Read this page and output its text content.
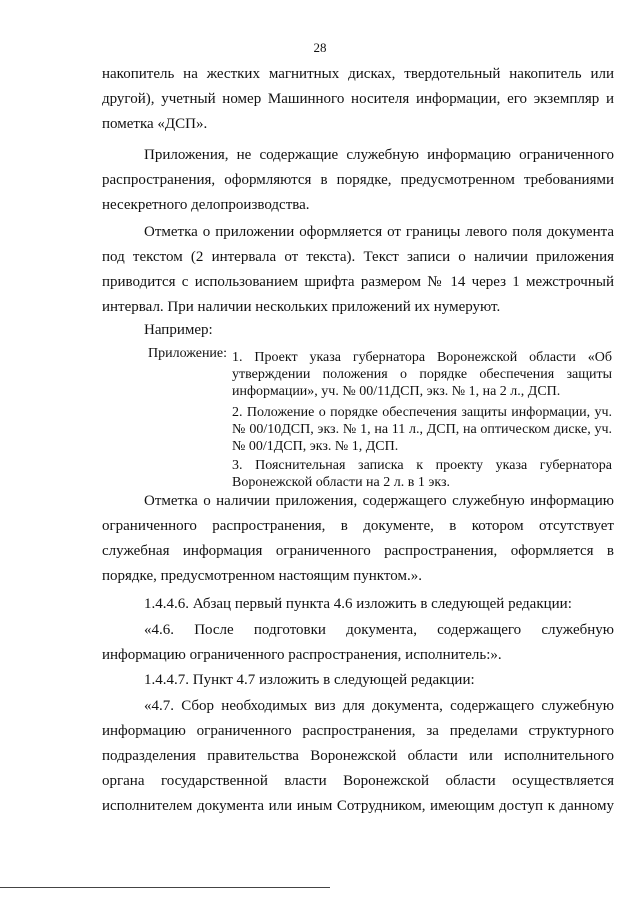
28

накопитель на жестких магнитных дисках, твердотельный накопитель или другой), учетный номер Машинного носителя информации, его экземпляр и пометка «ДСП».

Приложения, не содержащие служебную информацию ограниченного распространения, оформляются в порядке, предусмотренном требованиями несекретного делопроизводства.

Отметка о приложении оформляется от границы левого поля документа под текстом (2 интервала от текста). Текст записи о наличии приложения приводится с использованием шрифта размером № 14 через 1 межстрочный интервал. При наличии нескольких приложений их нумеруют.

Например:

Приложение: 1. Проект указа губернатора Воронежской области «Об утверждении положения о порядке обеспечения защиты информации», уч. № 00/11ДСП, экз. № 1, на 2 л., ДСП.

2. Положение о порядке обеспечения защиты информации, уч. № 00/10ДСП, экз. № 1, на 11 л., ДСП, на оптическом диске, уч. № 00/1ДСП, экз. № 1, ДСП.

3. Пояснительная записка к проекту указа губернатора Воронежской области на 2 л. в 1 экз.

Отметка о наличии приложения, содержащего служебную информацию ограниченного распространения, в документе, в котором отсутствует служебная информация ограниченного распространения, оформляется в порядке, предусмотренном настоящим пунктом.».

1.4.4.6. Абзац первый пункта 4.6 изложить в следующей редакции:

«4.6. После подготовки документа, содержащего служебную информацию ограниченного распространения, исполнитель:».

1.4.4.7. Пункт 4.7 изложить в следующей редакции:

«4.7. Сбор необходимых виз для документа, содержащего служебную информацию ограниченного распространения, за пределами структурного подразделения правительства Воронежской области или исполнительного органа государственной власти Воронежской области осуществляется исполнителем документа или иным Сотрудником, имеющим доступ к данному
